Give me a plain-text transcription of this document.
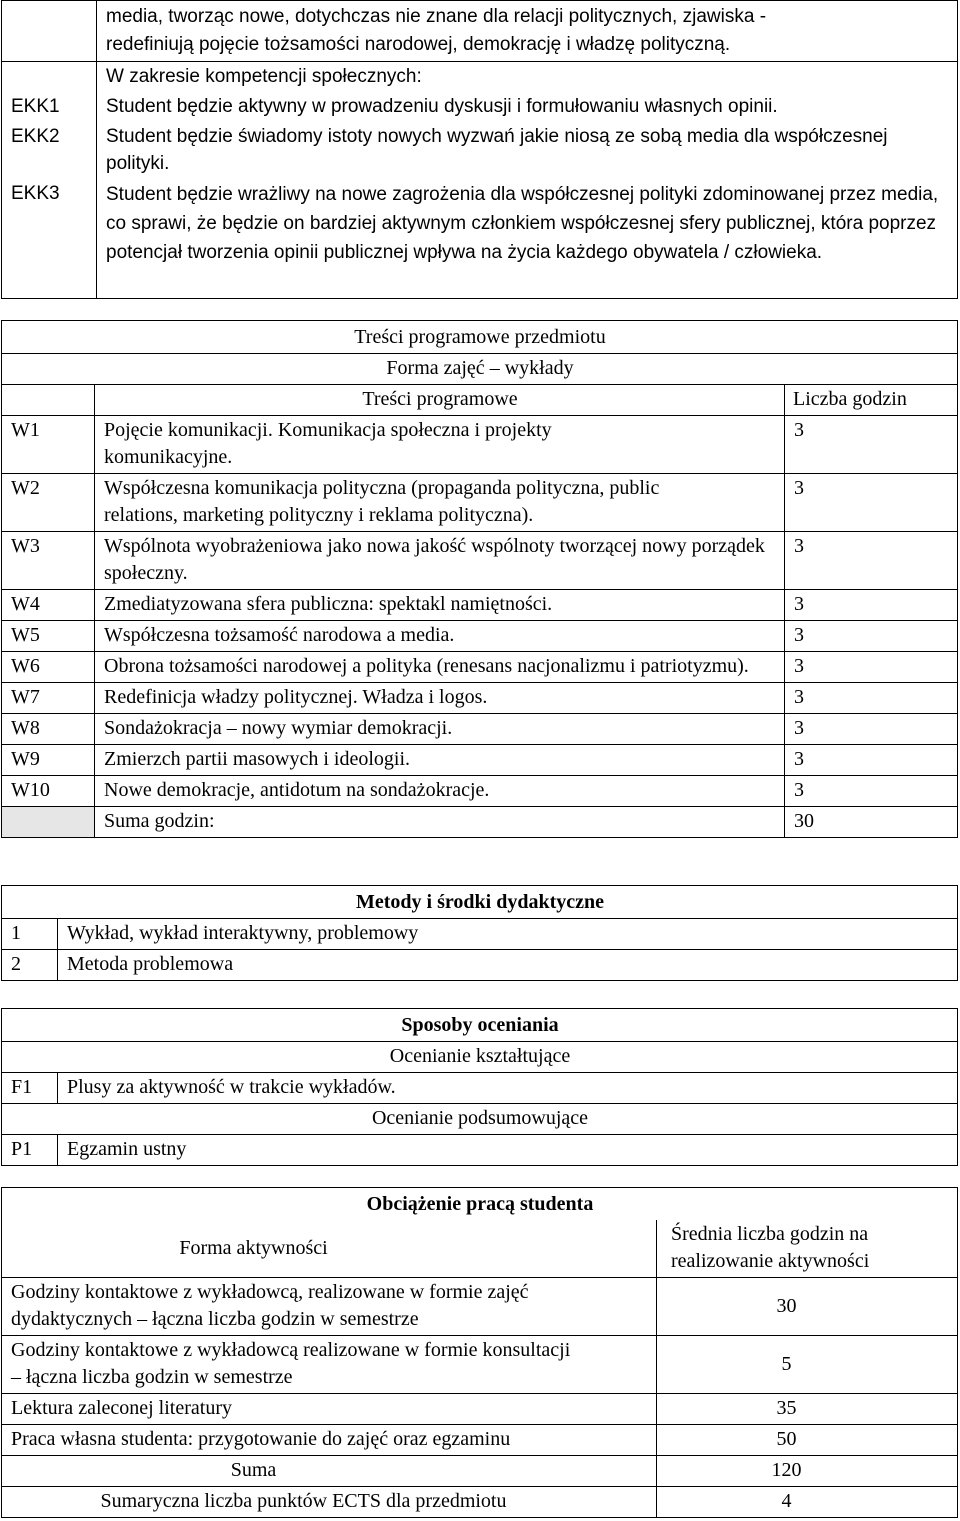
	media, tworząc nowe, dotychczas nie znane dla relacji politycznych, zjawiska -
redefiniują pojęcie tożsamości narodowej, demokrację i władzę polityczną.

	W zakresie kompetencji społecznych:
EKK1	Student będzie aktywny w prowadzeniu dyskusji i formułowaniu własnych opinii.
EKK2	Student będzie świadomy istoty nowych wyzwań jakie niosą ze sobą media dla współczesnej polityki.
EKK3	Student będzie wrażliwy na nowe zagrożenia dla współczesnej polityki zdominowanej przez media, co sprawi, że będzie on bardziej aktywnym członkiem współczesnej sfery publicznej, która poprzez potencjał tworzenia opinii publicznej wpływa na życia każdego obywatela / człowieka.
Treści programowe przedmiotu		
Forma zajęć – wykłady		
	Treści programowe	Liczba godzin
W1	Pojęcie komunikacji. Komunikacja społeczna i projekty komunikacyjne.	3
W2	Współczesna komunikacja polityczna (propaganda polityczna, public relations, marketing polityczny i reklama polityczna).	3
W3	Wspólnota wyobrażeniowa jako nowa jakość wspólnoty tworzącej nowy porządek społeczny.	3
W4	Zmediatyzowana sfera publiczna: spektakl namiętności.	3
W5	Współczesna tożsamość narodowa a media.	3
W6	Obrona tożsamości narodowej a polityka (renesans nacjonalizmu i patriotyzmu).	3
W7	Redefinicja władzy politycznej. Władza i logos.	3
W8	Sondażokracja – nowy wymiar demokracji.	3
W9	Zmierzch partii masowych i ideologii.	3
W10	Nowe demokracje, antidotum na sondażokracje.	3
	Suma godzin:	30
Metody i środki dydaktyczne	
1	Wykład, wykład interaktywny, problemowy
2	Metoda problemowa
Sposoby oceniania	
Ocenianie kształtujące	
F1	Plusy za aktywność w trakcie wykładów.
Ocenianie podsumowujące	
P1	Egzamin ustny
Obciążenie pracą studenta	
Forma aktywności	Średnia liczba godzin na realizowanie aktywności
Godziny kontaktowe z wykładowcą, realizowane w formie zajęć dydaktycznych – łączna liczba godzin w semestrze	30
Godziny kontaktowe z wykładowcą realizowane w formie konsultacji – łączna liczba godzin w semestrze	5
Lektura zaleconej literatury	35
Praca własna studenta: przygotowanie do zajęć oraz egzaminu	50
Suma	120
Sumaryczna liczba punktów ECTS dla przedmiotu	4
